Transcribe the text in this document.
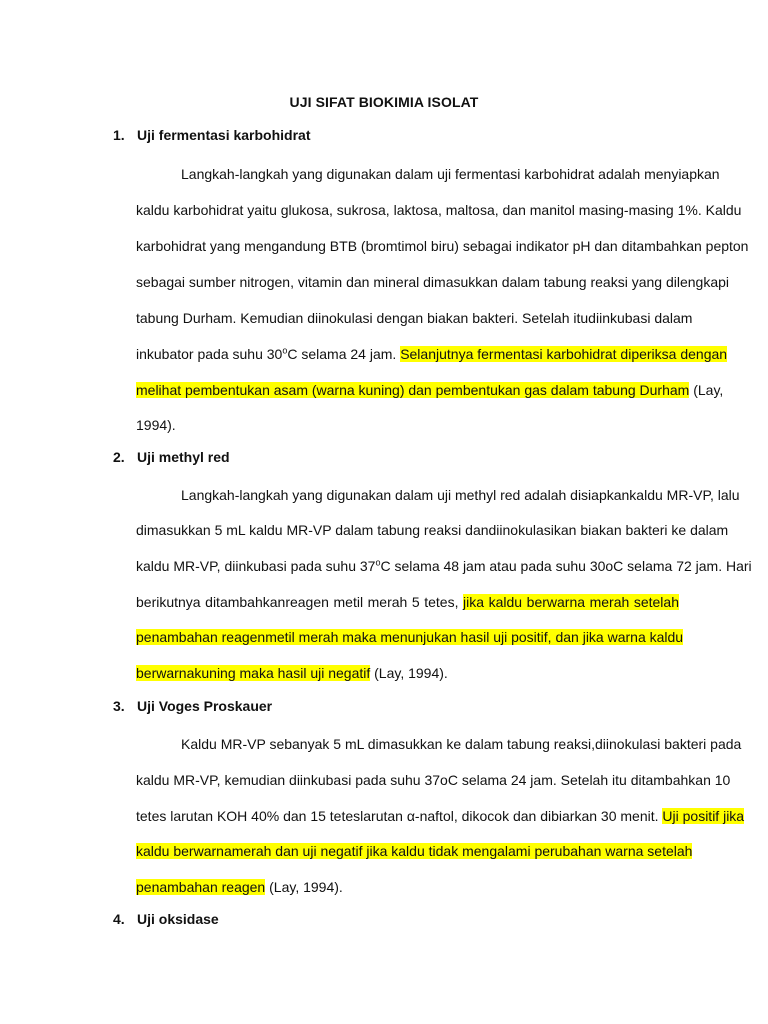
UJI SIFAT BIOKIMIA ISOLAT
1. Uji fermentasi karbohidrat
2. Uji methyl red
3. Uji Voges Proskauer
4. Uji oksidase
Langkah-langkah yang digunakan dalam uji fermentasi karbohidrat adalah menyiapkan
kaldu karbohidrat yaitu glukosa, sukrosa, laktosa, maltosa, dan manitol masing-masing 1%. Kaldu
karbohidrat yang mengandung BTB (bromtimol biru) sebagai indikator pH dan ditambahkan pepton
sebagai sumber nitrogen, vitamin dan mineral dimasukkan dalam tabung reaksi yang dilengkapi
tabung Durham. Kemudian diinokulasi dengan biakan bakteri. Setelah itudiinkubasi dalam
inkubator pada suhu 30$^o$C selama 24 jam. Selanjutnya fermentasi karbohidrat diperiksa dengan
melihat pembentukan asam (warna kuning) dan pembentukan gas dalam tabung Durham (Lay,
1994).
Langkah-langkah yang digunakan dalam uji methyl red adalah disiapkankaldu MR-VP, lalu
dimasukkan 5 mL kaldu MR-VP dalam tabung reaksi dandiinokulasikan biakan bakteri ke dalam
kaldu MR-VP, diinkubasi pada suhu 37$^o$C selama 48 jam atau pada suhu 30oC selama 72 jam. Hari
berikutnya ditambahkanreagen metil merah 5 tetes, jika kaldu berwarna merah setelah
penambahan reagenmetil merah maka menunjukan hasil uji positif, dan jika warna kaldu
berwarnakuning maka hasil uji negatif (Lay, 1994).
Kaldu MR-VP sebanyak 5 mL dimasukkan ke dalam tabung reaksi,diinokulasi bakteri pada
kaldu MR-VP, kemudian diinkubasi pada suhu 37oC selama 24 jam. Setelah itu ditambahkan 10
tetes larutan KOH 40% dan 15 teteslarutan α-naftol, dikocok dan dibiarkan 30 menit. Uji positif jika
kaldu berwarnamerah dan uji negatif jika kaldu tidak mengalami perubahan warna setelah
penambahan reagen (Lay, 1994).
